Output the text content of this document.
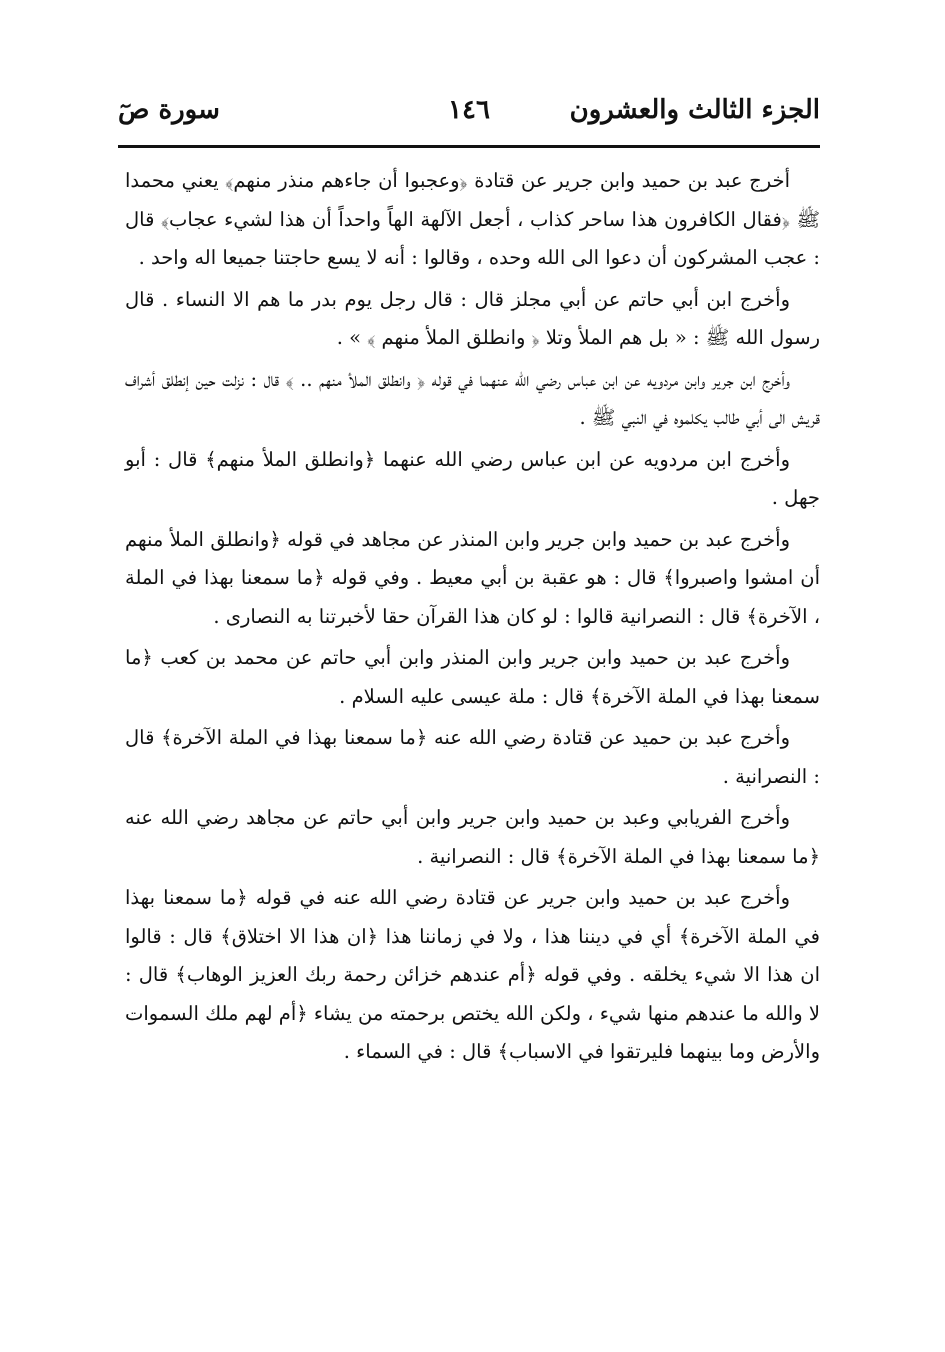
الجزء الثالث والعشرون
١٤٦
سورة صٓ

أخرج عبد بن حميد وابن جرير عن قتادة ﴿وعجبوا أن جاءهم منذر منهم﴾ يعني محمدا ﷺ ﴿فقال الكافرون هذا ساحر كذاب ، أجعل الآلهة الهاً واحداً أن هذا لشيء عجاب﴾ قال : عجب المشركون أن دعوا الى الله وحده ، وقالوا : أنه لا يسع حاجتنا جميعا اله واحد .

وأخرج ابن أبي حاتم عن أبي مجلز قال : قال رجل يوم بدر ما هم الا النساء . قال رسول الله ﷺ : « بل هم الملأ وتلا ﴿ وانطلق الملأ منهم ﴾ » .

وأخرج ابن جرير وابن مردويه عن ابن عباس رضي الله عنهما في قوله ﴿ وانطلق الملأ منهم .. ﴾ قال : نزلت حين إنطلق أشراف قريش الى أبي طالب يكلموه في النبي ﷺ .

وأخرج ابن مردويه عن ابن عباس رضي الله عنهما ﴿وانطلق الملأ منهم﴾ قال : أبو جهل .

وأخرج عبد بن حميد وابن جرير وابن المنذر عن مجاهد في قوله ﴿وانطلق الملأ منهم أن امشوا واصبروا﴾ قال : هو عقبة بن أبي معيط . وفي قوله ﴿ما سمعنا بهذا في الملة ، الآخرة﴾ قال : النصرانية قالوا : لو كان هذا القرآن حقا لأخبرتنا به النصارى .

وأخرج عبد بن حميد وابن جرير وابن المنذر وابن أبي حاتم عن محمد بن كعب ﴿ما سمعنا بهذا في الملة الآخرة﴾ قال : ملة عيسى عليه السلام .

وأخرج عبد بن حميد عن قتادة رضي الله عنه ﴿ما سمعنا بهذا في الملة الآخرة﴾ قال : النصرانية .

وأخرج الفريابي وعبد بن حميد وابن جرير وابن أبي حاتم عن مجاهد رضي الله عنه ﴿ما سمعنا بهذا في الملة الآخرة﴾ قال : النصرانية .

وأخرج عبد بن حميد وابن جرير عن قتادة رضي الله عنه في قوله ﴿ما سمعنا بهذا في الملة الآخرة﴾ أي في ديننا هذا ، ولا في زماننا هذا ﴿ان هذا الا اختلاق﴾ قال : قالوا ان هذا الا شيء يخلقه . وفي قوله ﴿أم عندهم خزائن رحمة ربك العزيز الوهاب﴾ قال : لا والله ما عندهم منها شيء ، ولكن الله يختص برحمته من يشاء ﴿أم لهم ملك السموات والأرض وما بينهما فليرتقوا في الاسباب﴾ قال : في السماء .
